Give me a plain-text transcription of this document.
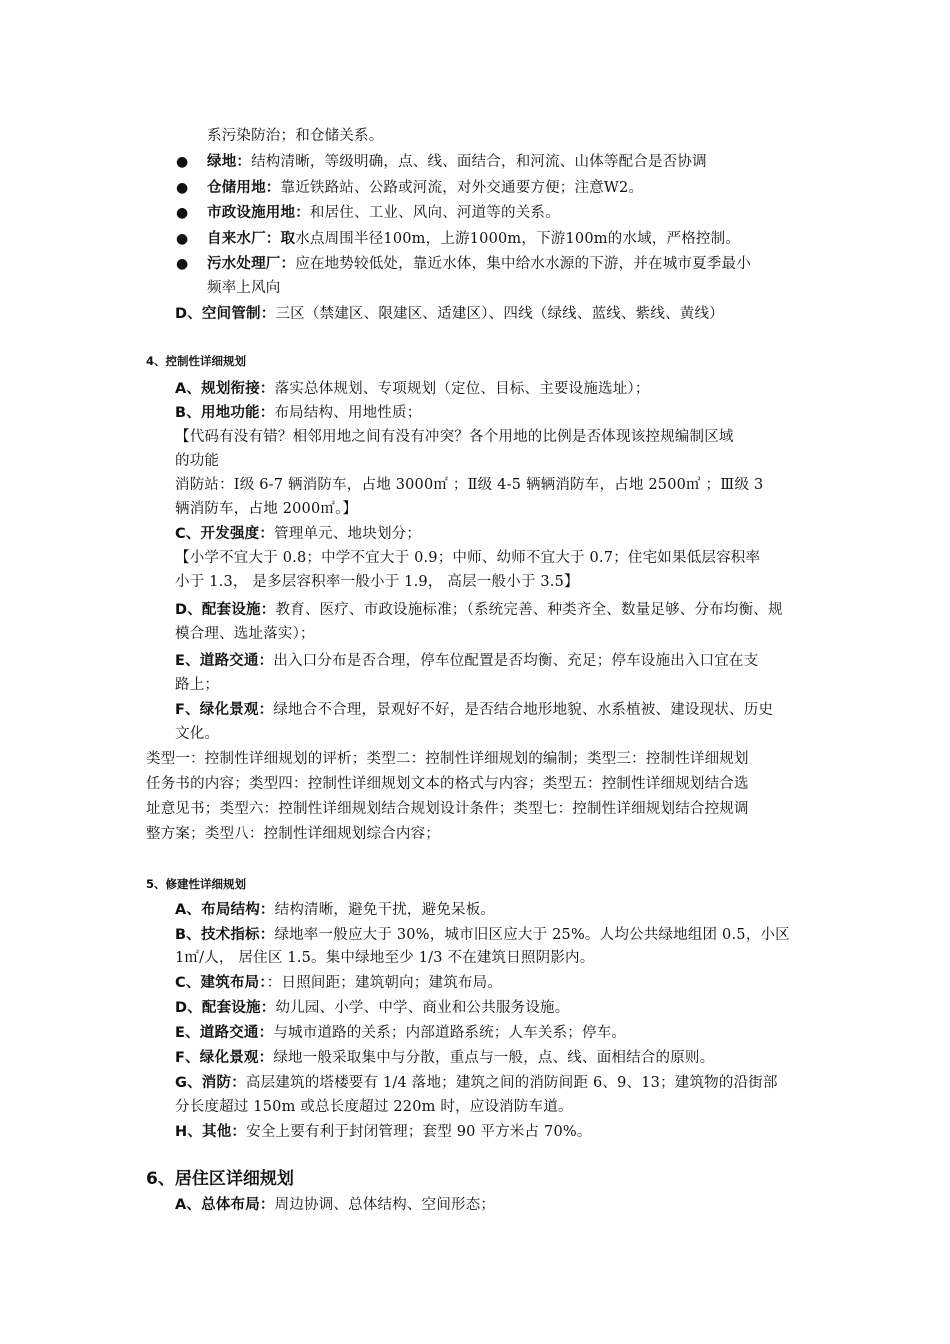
系污染防治；和仓储关系。
● 绿地：结构清晰，等级明确，点、线、面结合，和河流、山体等配合是否协调
● 仓储用地：靠近铁路站、公路或河流，对外交通要方便；注意W2。
● 市政设施用地：和居住、工业、风向、河道等的关系。
● 自来水厂：取水点周围半径100m，上游1000m，下游100m的水域，严格控制。
● 污水处理厂：应在地势较低处，靠近水体，集中给水水源的下游，并在城市夏季最小
频率上风向
D、空间管制：三区（禁建区、限建区、适建区）、四线（绿线、蓝线、紫线、黄线）
4、控制性详细规划
A、规划衔接：落实总体规划、专项规划（定位、目标、主要设施选址）；
B、用地功能：布局结构、用地性质；
【代码有没有错？相邻用地之间有没有冲突？各个用地的比例是否体现该控规编制区域
的功能
消防站：Ⅰ级 6-7 辆消防车，占地 3000㎡ ；Ⅱ级 4-5 辆辆消防车，占地 2500㎡ ；Ⅲ级 3
辆消防车，占地 2000㎡。】
C、开发强度：管理单元、地块划分；
【小学不宜大于 0.8；中学不宜大于 0.9；中师、幼师不宜大于 0.7；住宅如果低层容积率
小于 1.3， 是多层容积率一般小于 1.9， 高层一般小于 3.5】
D、配套设施：教育、医疗、市政设施标准；（系统完善、种类齐全、数量足够、分布均衡、规
模合理、选址落实）；
E、道路交通：出入口分布是否合理，停车位配置是否均衡、充足；停车设施出入口宜在支
路上；
F、绿化景观：绿地合不合理，景观好不好，是否结合地形地貌、水系植被、建设现状、历史
文化。
类型一：控制性详细规划的评析；类型二：控制性详细规划的编制；类型三：控制性详细规划
任务书的内容；类型四：控制性详细规划文本的格式与内容；类型五：控制性详细规划结合选
址意见书；类型六：控制性详细规划结合规划设计条件；类型七：控制性详细规划结合控规调
整方案；类型八：控制性详细规划综合内容；
5、修建性详细规划
A、布局结构：结构清晰，避免干扰，避免呆板。
B、技术指标：绿地率一般应大于 30%，城市旧区应大于 25%。人均公共绿地组团 0.5，小区
1㎡/人， 居住区 1.5。集中绿地至少 1/3 不在建筑日照阴影内。
C、建筑布局：：日照间距；建筑朝向；建筑布局。
D、配套设施：幼儿园、小学、中学、商业和公共服务设施。
E、道路交通：与城市道路的关系；内部道路系统；人车关系；停车。
F、绿化景观：绿地一般采取集中与分散，重点与一般，点、线、面相结合的原则。
G、消防：高层建筑的塔楼要有 1/4 落地；建筑之间的消防间距 6、9、13；建筑物的沿街部
分长度超过 150m 或总长度超过 220m 时，应设消防车道。
H、其他：安全上要有利于封闭管理；套型 90 平方米占 70%。
6、居住区详细规划
A、总体布局：周边协调、总体结构、空间形态；
